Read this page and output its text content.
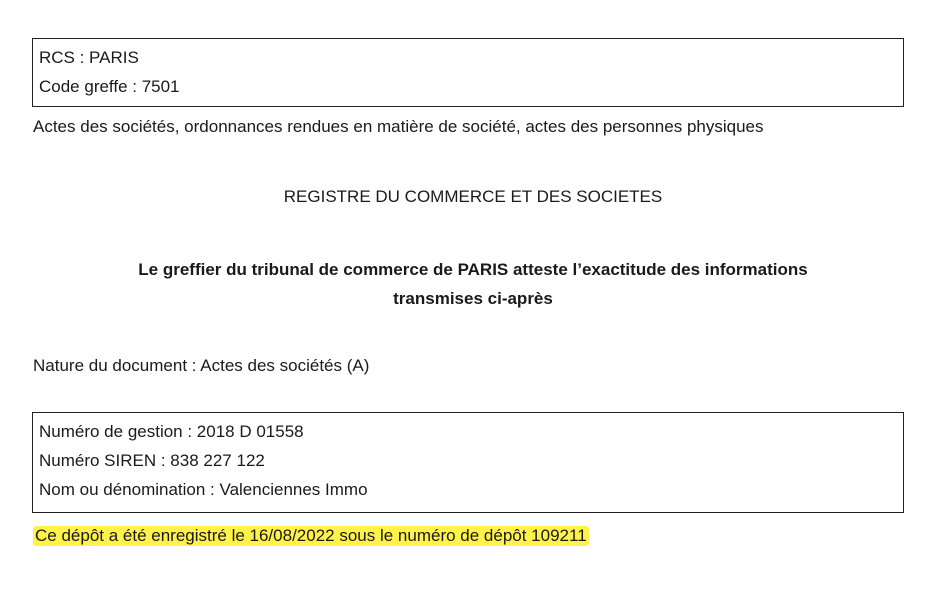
RCS : PARIS
Code greffe : 7501
Actes des sociétés, ordonnances rendues en matière de société, actes des personnes physiques
REGISTRE DU COMMERCE ET DES SOCIETES
Le greffier du tribunal de commerce de PARIS atteste l’exactitude des informations
transmises ci-après
Nature du document : Actes des sociétés (A)
Numéro de gestion : 2018 D 01558
Numéro SIREN : 838 227 122
Nom ou dénomination : Valenciennes Immo
Ce dépôt a été enregistré le 16/08/2022 sous le numéro de dépôt 109211
